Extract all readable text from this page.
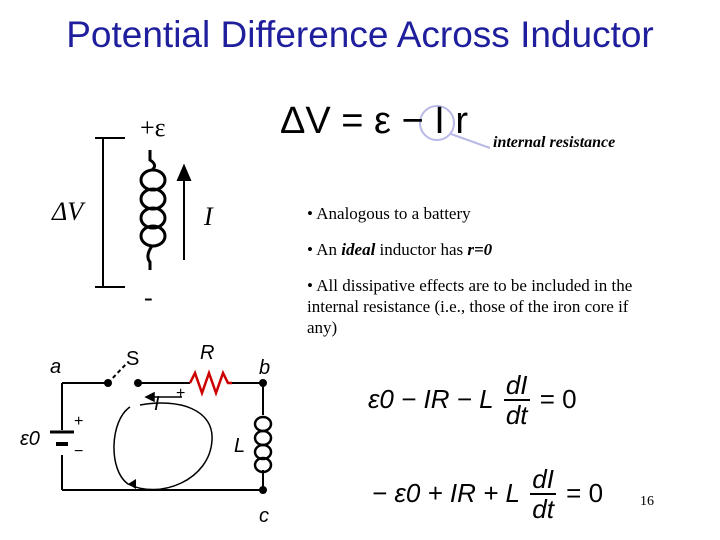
Potential Difference Across Inductor
+ε
ΔV	I
-
ΔV = ε − I r
internal resistance

• Analogous to a battery

• An ideal inductor has r=0

• All dissipative effects are to be included in the internal resistance (i.e., those of the iron core if any)

a	b
c
S	R
L
I +
+
−
ε0
ε0 − IR − L $\frac{dI}{dt} = 0$
− ε0 + IR + L $\frac{dI}{dt} = 0$	16
